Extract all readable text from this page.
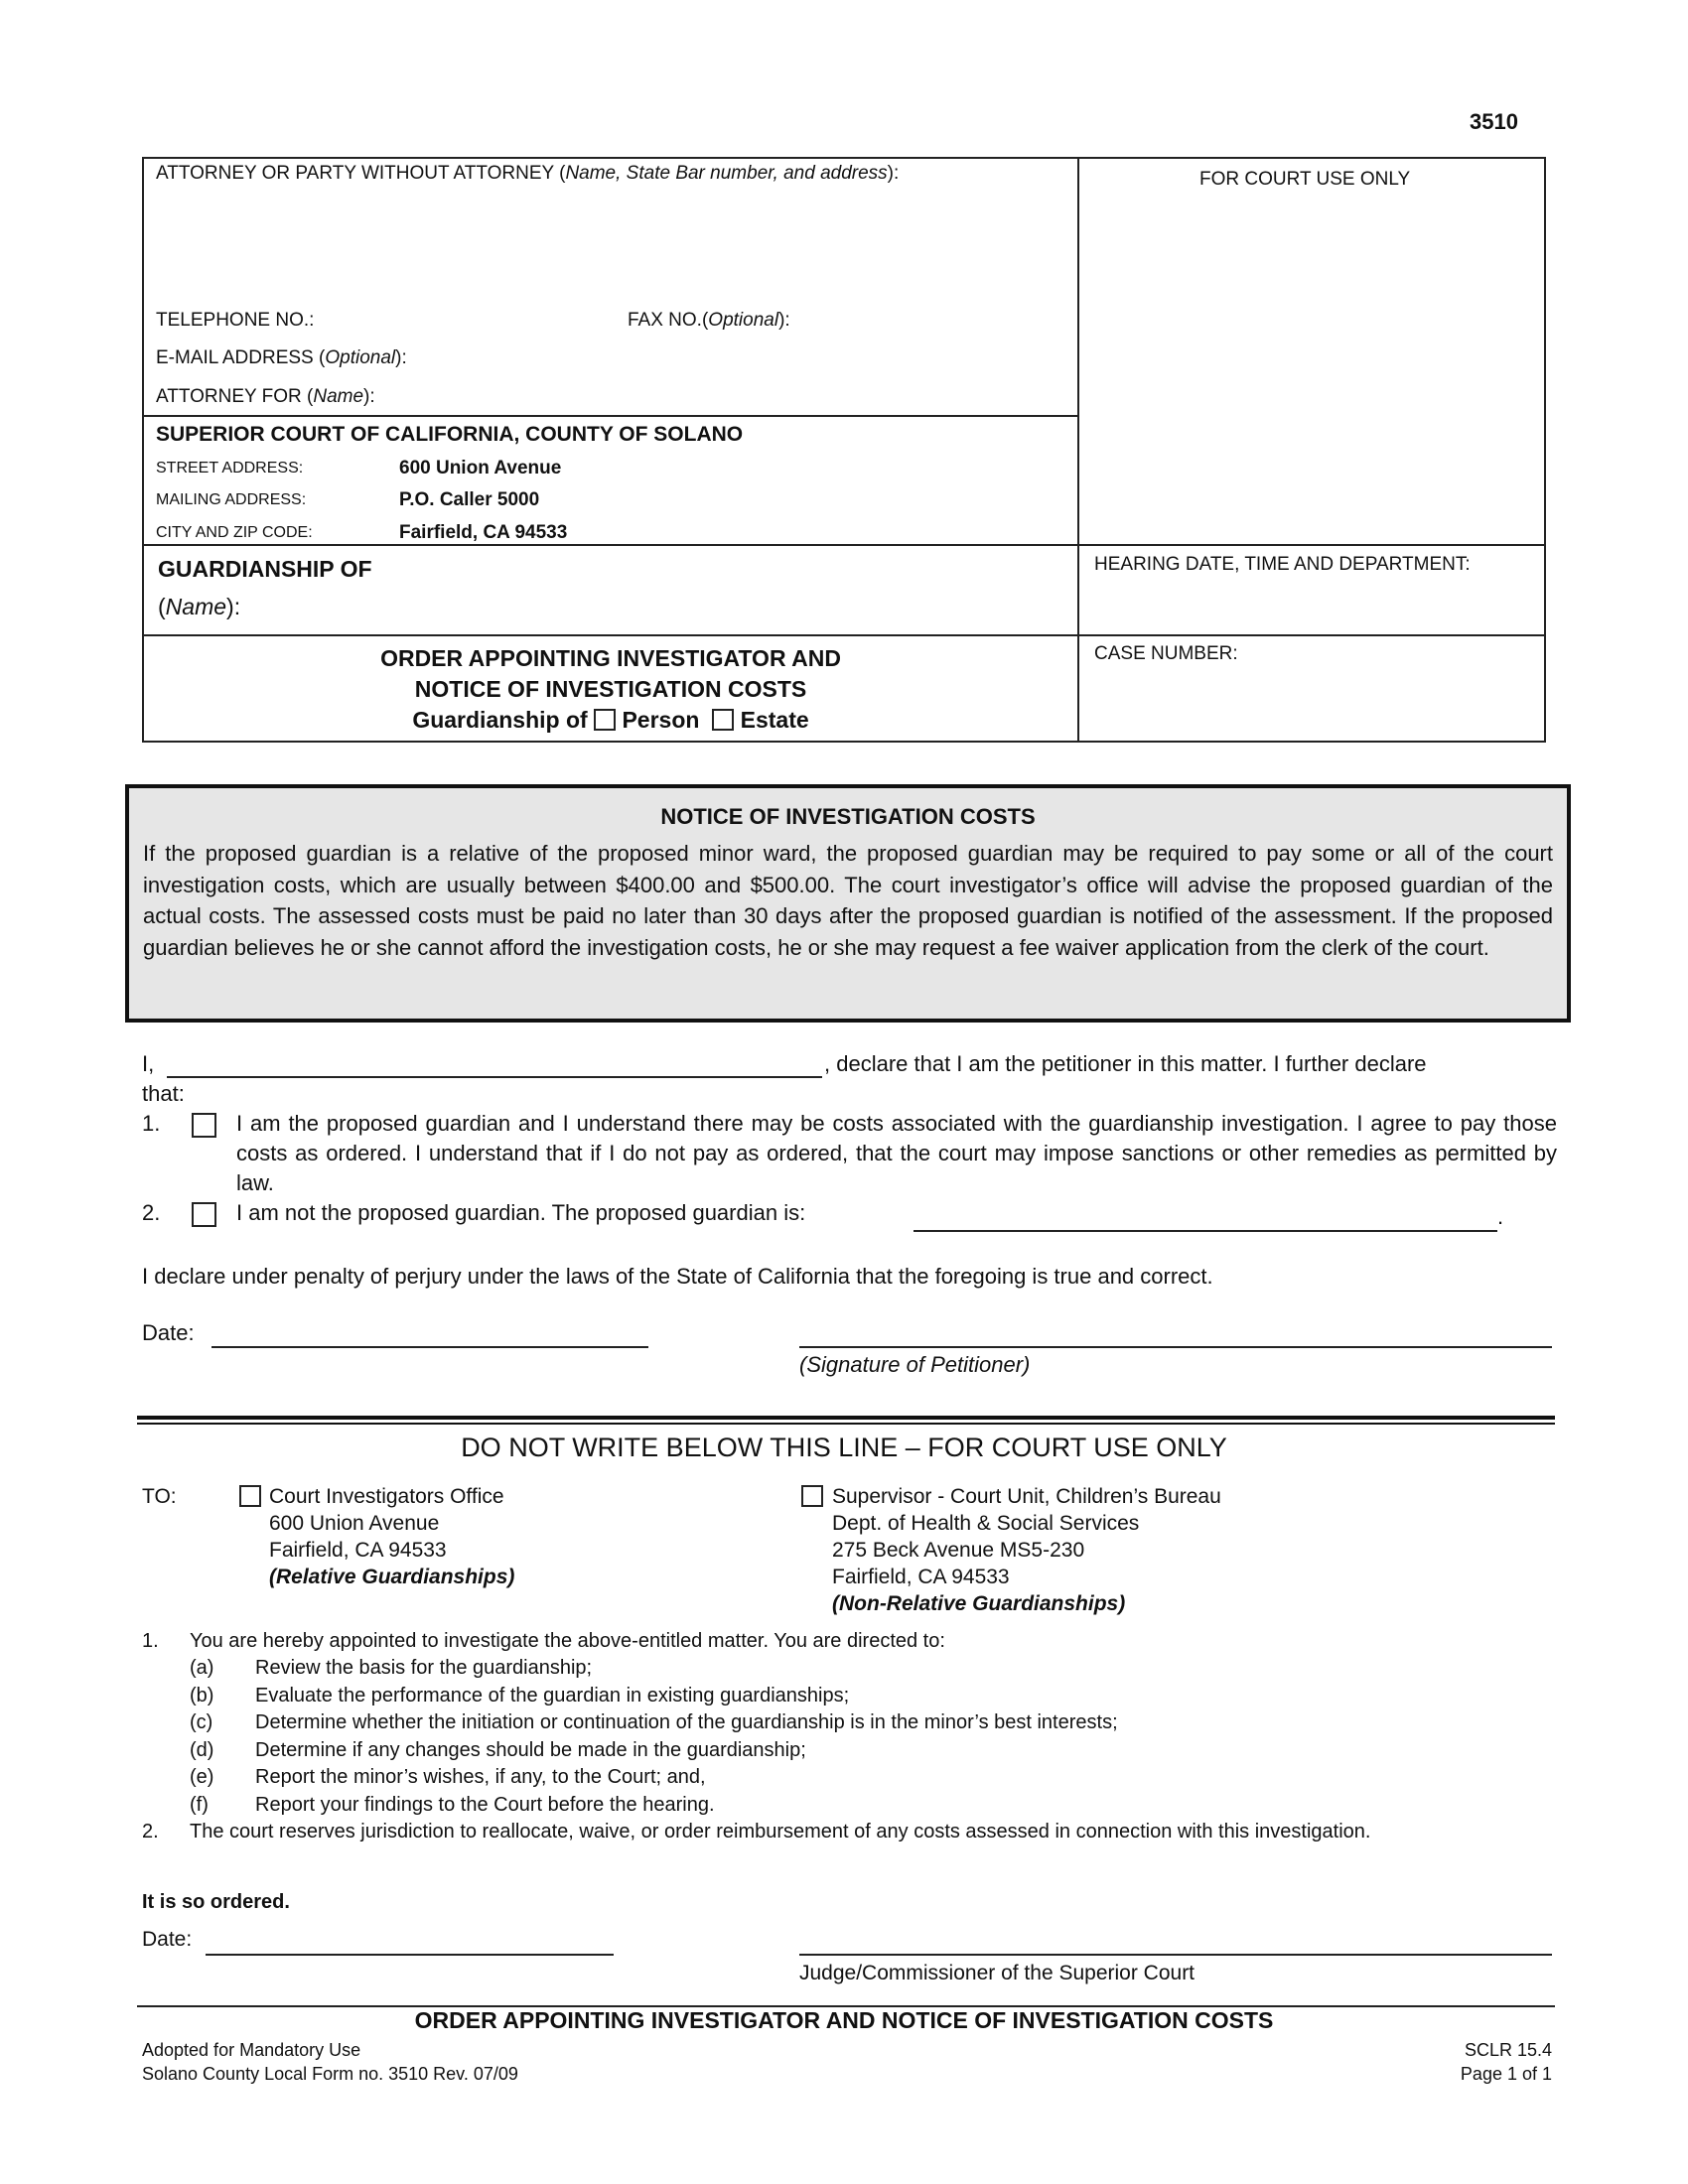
3510
ATTORNEY OR PARTY WITHOUT ATTORNEY (Name, State Bar number, and address):	FOR COURT USE ONLY
TELEPHONE NO.:	FAX NO.(Optional):
E-MAIL ADDRESS (Optional):
ATTORNEY FOR (Name):
SUPERIOR COURT OF CALIFORNIA, COUNTY OF SOLANO
STREET ADDRESS:	600 Union Avenue
MAILING ADDRESS:	P.O. Caller 5000
CITY AND ZIP CODE:	Fairfield, CA 94533
GUARDIANSHIP OF
(Name):
HEARING DATE, TIME AND DEPARTMENT:
ORDER APPOINTING INVESTIGATOR AND
NOTICE OF INVESTIGATION COSTS
Guardianship of Person Estate
CASE NUMBER:
NOTICE OF INVESTIGATION COSTS
If the proposed guardian is a relative of the proposed minor ward, the proposed guardian may be required to pay some or all of the court investigation costs, which are usually between $400.00 and $500.00. The court investigator’s office will advise the proposed guardian of the actual costs. The assessed costs must be paid no later than 30 days after the proposed guardian is notified of the assessment. If the proposed guardian believes he or she cannot afford the investigation costs, he or she may request a fee waiver application from the clerk of the court.
I,	, declare that I am the petitioner in this matter. I further declare
that:
1.	I am the proposed guardian and I understand there may be costs associated with the guardianship investigation. I agree to pay those costs as ordered. I understand that if I do not pay as ordered, that the court may impose sanctions or other remedies as permitted by law.
2.	I am not the proposed guardian. The proposed guardian is:	.
I declare under penalty of perjury under the laws of the State of California that the foregoing is true and correct.
Date:
(Signature of Petitioner)
DO NOT WRITE BELOW THIS LINE – FOR COURT USE ONLY
TO:	Court Investigators Office
600 Union Avenue
Fairfield, CA 94533
(Relative Guardianships)
Supervisor - Court Unit, Children’s Bureau
Dept. of Health & Social Services
275 Beck Avenue MS5-230
Fairfield, CA 94533
(Non-Relative Guardianships)
1. You are hereby appointed to investigate the above-entitled matter. You are directed to:
(a) Review the basis for the guardianship;
(b) Evaluate the performance of the guardian in existing guardianships;
(c) Determine whether the initiation or continuation of the guardianship is in the minor’s best interests;
(d) Determine if any changes should be made in the guardianship;
(e) Report the minor’s wishes, if any, to the Court; and,
(f) Report your findings to the Court before the hearing.
2. The court reserves jurisdiction to reallocate, waive, or order reimbursement of any costs assessed in connection with this investigation.
It is so ordered.
Date:
Judge/Commissioner of the Superior Court
ORDER APPOINTING INVESTIGATOR AND NOTICE OF INVESTIGATION COSTS
Adopted for Mandatory Use
Solano County Local Form no. 3510 Rev. 07/09
SCLR 15.4
Page 1 of 1
